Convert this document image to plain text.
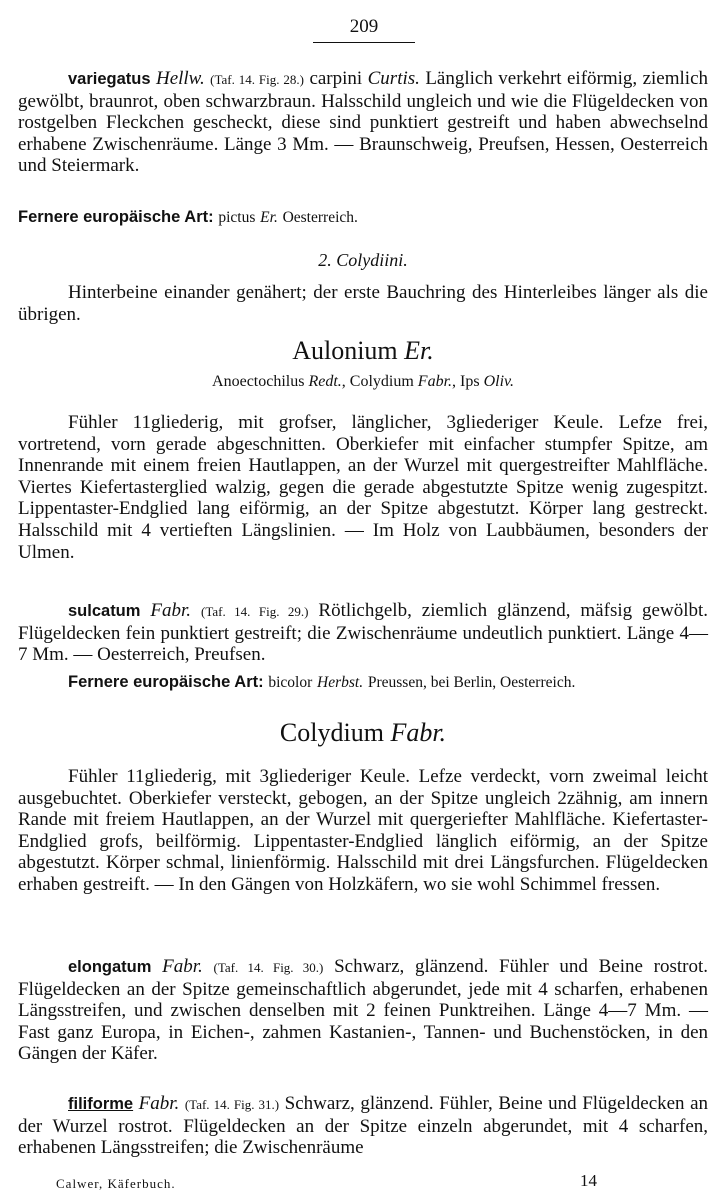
209
variegatus Hellw. (Taf. 14. Fig. 28.) carpini Curtis. Länglich verkehrt eiförmig, ziemlich gewölbt, braunrot, oben schwarzbraun. Halsschild ungleich und wie die Flügeldecken von rostgelben Fleckchen gescheckt, diese sind punktiert gestreift und haben abwechselnd erhabene Zwischenräume. Länge 3 Mm. — Braunschweig, Preufsen, Hessen, Oesterreich und Steiermark.
Fernere europäische Art: pictus Er. Oesterreich.
2. Colydiini.
Hinterbeine einander genähert; der erste Bauchring des Hinterleibes länger als die übrigen.
Aulonium Er.
Anoectochilus Redt., Colydium Fabr., Ips Oliv.
Fühler 11gliederig, mit grofser, länglicher, 3gliederiger Keule. Lefze frei, vortretend, vorn gerade abgeschnitten. Oberkiefer mit einfacher stumpfer Spitze, am Innenrande mit einem freien Hautlappen, an der Wurzel mit quergestreifter Mahlfläche. Viertes Kiefertasterglied walzig, gegen die gerade abgestutzte Spitze wenig zugespitzt. Lippentaster-Endglied lang eiförmig, an der Spitze abgestutzt. Körper lang gestreckt. Halsschild mit 4 vertieften Längslinien. — Im Holz von Laubbäumen, besonders der Ulmen.
sulcatum Fabr. (Taf. 14. Fig. 29.) Rötlichgelb, ziemlich glänzend, mäfsig gewölbt. Flügeldecken fein punktiert gestreift; die Zwischenräume undeutlich punktiert. Länge 4—7 Mm. — Oesterreich, Preufsen.
Fernere europäische Art: bicolor Herbst. Preussen, bei Berlin, Oesterreich.
Colydium Fabr.
Fühler 11gliederig, mit 3gliederiger Keule. Lefze verdeckt, vorn zweimal leicht ausgebuchtet. Oberkiefer versteckt, gebogen, an der Spitze ungleich 2zähnig, am innern Rande mit freiem Hautlappen, an der Wurzel mit quergeriefter Mahlfläche. Kiefertaster-Endglied grofs, beilförmig. Lippentaster-Endglied länglich eiförmig, an der Spitze abgestutzt. Körper schmal, linienförmig. Halsschild mit drei Längsfurchen. Flügeldecken erhaben gestreift. — In den Gängen von Holzkäfern, wo sie wohl Schimmel fressen.
elongatum Fabr. (Taf. 14. Fig. 30.) Schwarz, glänzend. Fühler und Beine rostrot. Flügeldecken an der Spitze gemeinschaftlich abgerundet, jede mit 4 scharfen, erhabenen Längsstreifen, und zwischen denselben mit 2 feinen Punktreihen. Länge 4—7 Mm. — Fast ganz Europa, in Eichen-, zahmen Kastanien-, Tannen- und Buchenstöcken, in den Gängen der Käfer.
filiforme Fabr. (Taf. 14. Fig. 31.) Schwarz, glänzend. Fühler, Beine und Flügeldecken an der Wurzel rostrot. Flügeldecken an der Spitze einzeln abgerundet, mit 4 scharfen, erhabenen Längsstreifen; die Zwischenräume
Calwer, Käferbuch.	14
